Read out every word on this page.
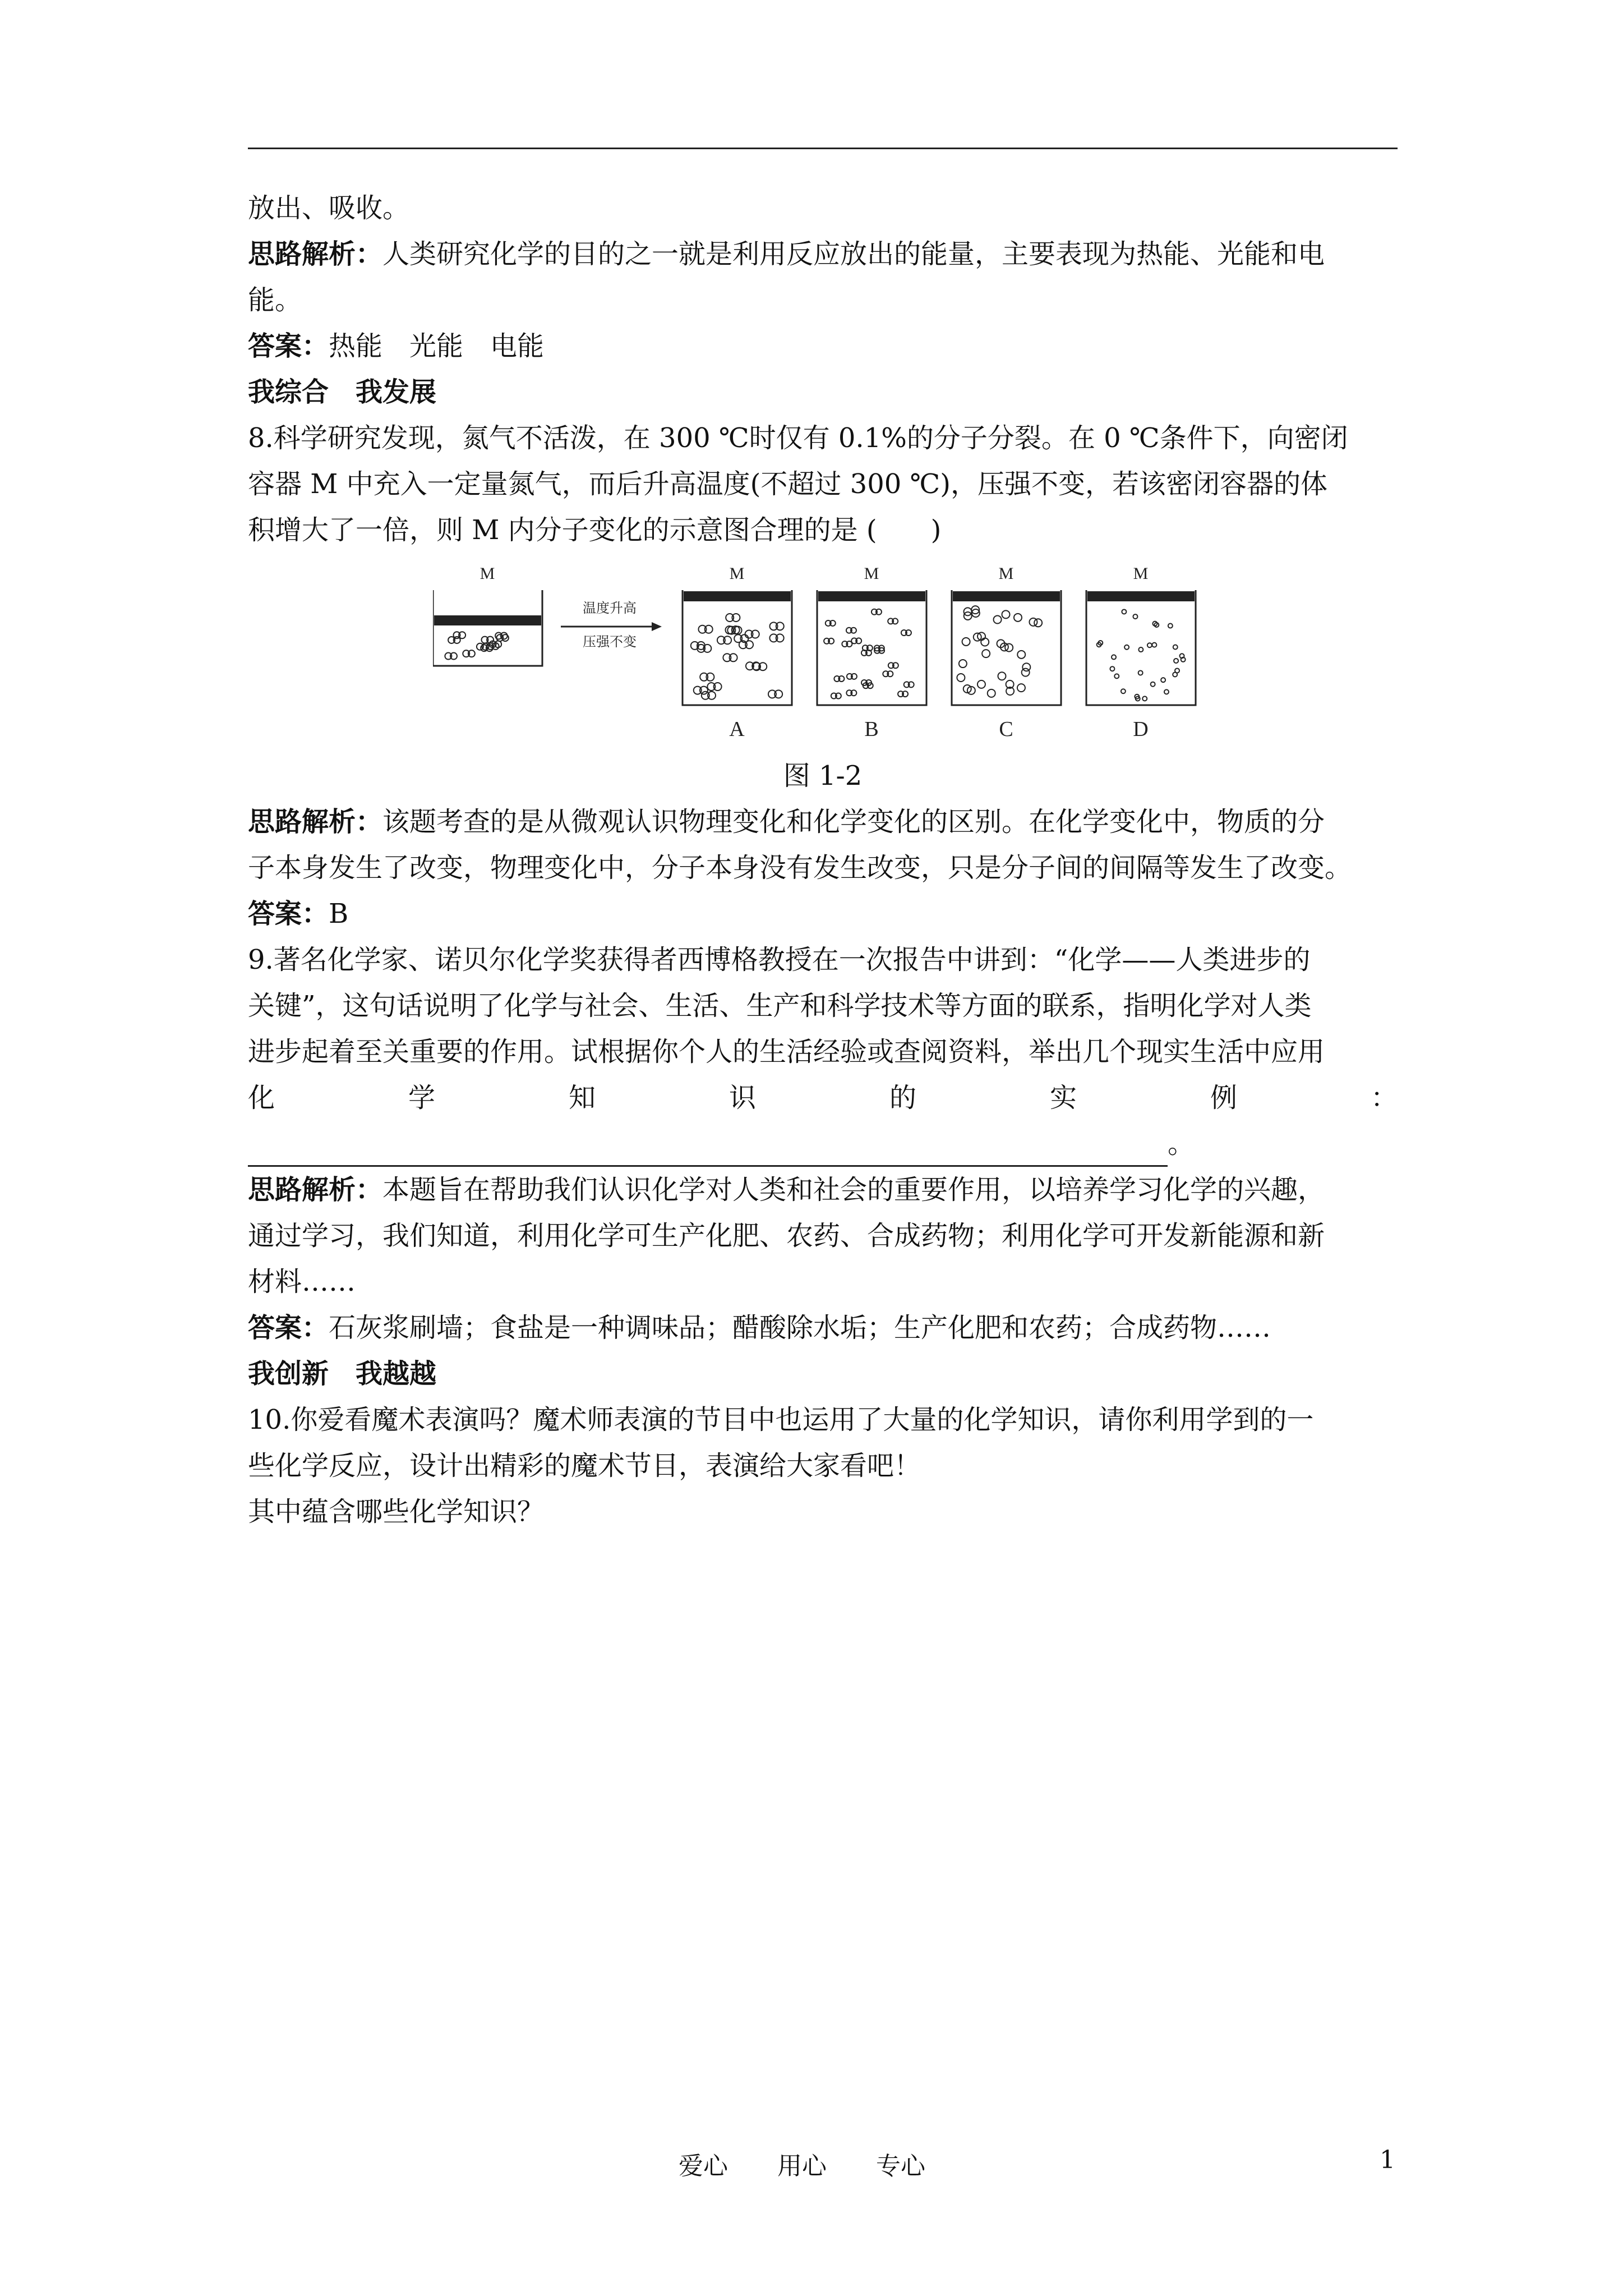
放出、吸收。
思路解析：人类研究化学的目的之一就是利用反应放出的能量，主要表现为热能、光能和电
能。
答案：热能　光能　电能
我综合　我发展
8.科学研究发现，氮气不活泼，在 300 ℃时仅有 0.1%的分子分裂。在 0 ℃条件下，向密闭
容器 M 中充入一定量氮气，而后升高温度(不超过 300 ℃)，压强不变，若该密闭容器的体
积增大了一倍，则 M 内分子变化的示意图合理的是 (　　)
M	M	M	M	M
温度升高
压强不变
A	B	C	D
图 1-2
思路解析：该题考查的是从微观认识物理变化和化学变化的区别。在化学变化中，物质的分
子本身发生了改变，物理变化中，分子本身没有发生改变，只是分子间的间隔等发生了改变。
答案：B
9.著名化学家、诺贝尔化学奖获得者西博格教授在一次报告中讲到：“化学——人类进步的
关键”，这句话说明了化学与社会、生活、生产和科学技术等方面的联系，指明化学对人类
进步起着至关重要的作用。试根据你个人的生活经验或查阅资料，举出几个现实生活中应用
化　学　知　识　的　实　例　：
。
思路解析：本题旨在帮助我们认识化学对人类和社会的重要作用，以培养学习化学的兴趣，
通过学习，我们知道，利用化学可生产化肥、农药、合成药物；利用化学可开发新能源和新
材料……
答案：石灰浆刷墙；食盐是一种调味品；醋酸除水垢；生产化肥和农药；合成药物……
我创新　我越越
10.你爱看魔术表演吗？魔术师表演的节目中也运用了大量的化学知识，请你利用学到的一
些化学反应，设计出精彩的魔术节目，表演给大家看吧！
其中蕴含哪些化学知识？
爱心　　用心　　专心	1
